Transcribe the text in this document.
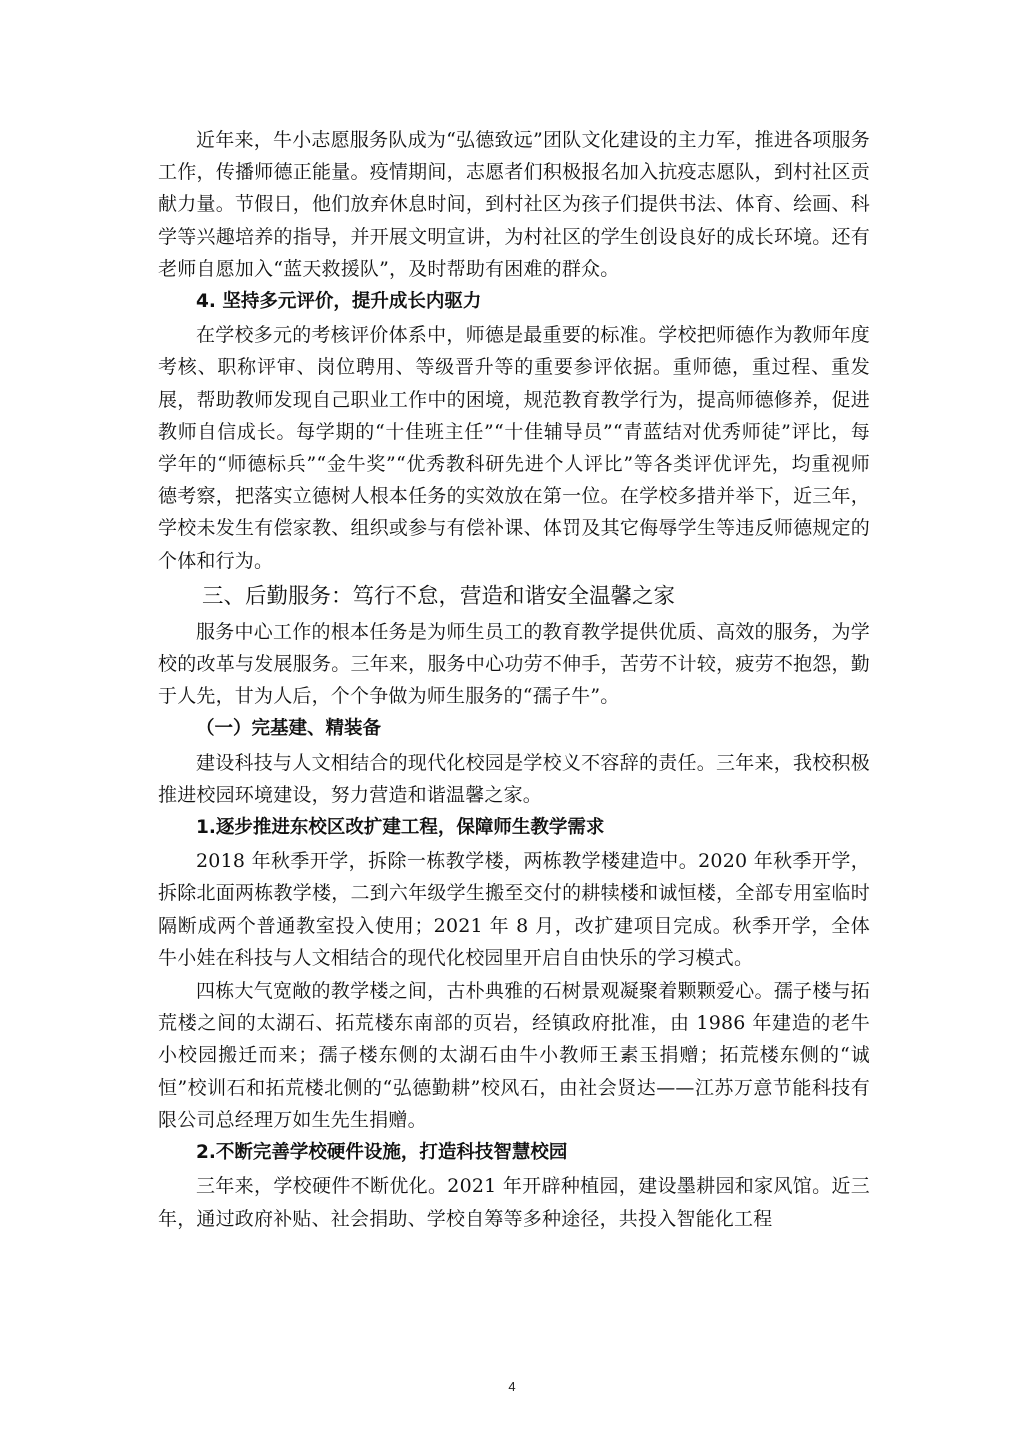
近年来，牛小志愿服务队成为“弘德致远”团队文化建设的主力军，推进各项服务工作，传播师德正能量。疫情期间，志愿者们积极报名加入抗疫志愿队，到村社区贡献力量。节假日，他们放弃休息时间，到村社区为孩子们提供书法、体育、绘画、科学等兴趣培养的指导，并开展文明宣讲，为村社区的学生创设良好的成长环境。还有老师自愿加入“蓝天救援队”，及时帮助有困难的群众。

4. 坚持多元评价，提升成长内驱力

在学校多元的考核评价体系中，师德是最重要的标准。学校把师德作为教师年度考核、职称评审、岗位聘用、等级晋升等的重要参评依据。重师德，重过程、重发展，帮助教师发现自己职业工作中的困境，规范教育教学行为，提高师德修养，促进教师自信成长。每学期的“十佳班主任”“十佳辅导员”“青蓝结对优秀师徒”评比，每学年的“师德标兵”“金牛奖”“优秀教科研先进个人评比”等各类评优评先，均重视师德考察，把落实立德树人根本任务的实效放在第一位。在学校多措并举下，近三年，学校未发生有偿家教、组织或参与有偿补课、体罚及其它侮辱学生等违反师德规定的个体和行为。

三、后勤服务：笃行不怠，营造和谐安全温馨之家

服务中心工作的根本任务是为师生员工的教育教学提供优质、高效的服务，为学校的改革与发展服务。三年来，服务中心功劳不伸手，苦劳不计较，疲劳不抱怨，勤于人先，甘为人后，个个争做为师生服务的“孺子牛”。

（一）完基建、精装备

建设科技与人文相结合的现代化校园是学校义不容辞的责任。三年来，我校积极推进校园环境建设，努力营造和谐温馨之家。

1.逐步推进东校区改扩建工程，保障师生教学需求

2018 年秋季开学，拆除一栋教学楼，两栋教学楼建造中。2020 年秋季开学，拆除北面两栋教学楼，二到六年级学生搬至交付的耕犊楼和诚恒楼，全部专用室临时隔断成两个普通教室投入使用；2021 年 8 月，改扩建项目完成。秋季开学，全体牛小娃在科技与人文相结合的现代化校园里开启自由快乐的学习模式。

四栋大气宽敞的教学楼之间，古朴典雅的石树景观凝聚着颗颗爱心。孺子楼与拓荒楼之间的太湖石、拓荒楼东南部的页岩，经镇政府批准，由 1986 年建造的老牛小校园搬迁而来；孺子楼东侧的太湖石由牛小教师王素玉捐赠；拓荒楼东侧的“诚恒”校训石和拓荒楼北侧的“弘德勤耕”校风石，由社会贤达——江苏万意节能科技有限公司总经理万如生先生捐赠。

2.不断完善学校硬件设施，打造科技智慧校园

三年来，学校硬件不断优化。2021 年开辟种植园，建设墨耕园和家风馆。近三年，通过政府补贴、社会捐助、学校自筹等多种途径，共投入智能化工程

4
